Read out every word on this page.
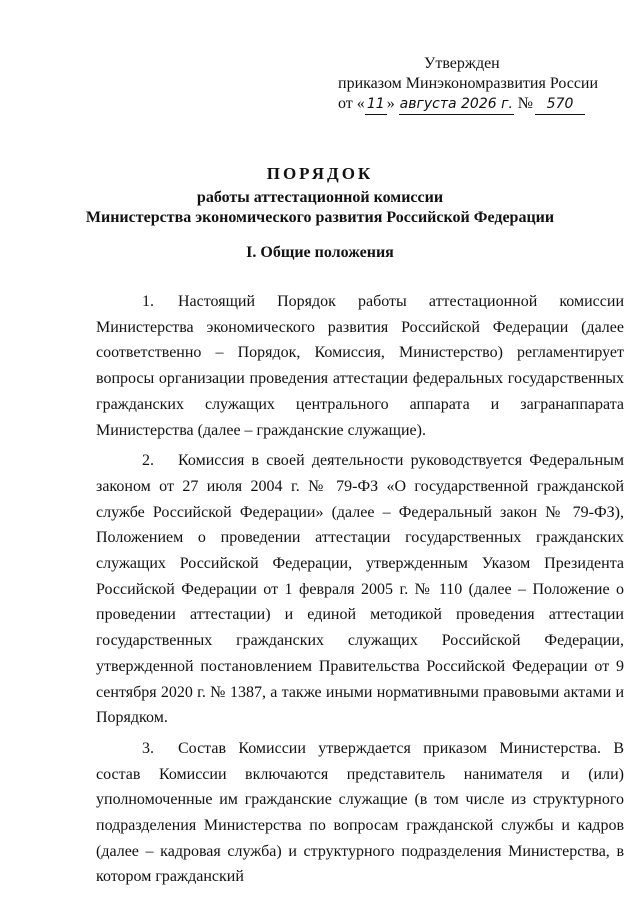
Утвержден
приказом Минэкономразвития России
от « 11 » августа 2026 г. № 570
ПОРЯДОК
работы аттестационной комиссии
Министерства экономического развития Российской Федерации
I. Общие положения

1. Настоящий Порядок работы аттестационной комиссии Министерства экономического развития Российской Федерации (далее соответственно – Порядок, Комиссия, Министерство) регламентирует вопросы организации проведения аттестации федеральных государственных гражданских служащих центрального аппарата и загранаппарата Министерства (далее – гражданские служащие).

2. Комиссия в своей деятельности руководствуется Федеральным законом от 27 июля 2004 г. № 79-ФЗ «О государственной гражданской службе Российской Федерации» (далее – Федеральный закон № 79-ФЗ), Положением о проведении аттестации государственных гражданских служащих Российской Федерации, утвержденным Указом Президента Российской Федерации от 1 февраля 2005 г. № 110 (далее – Положение о проведении аттестации) и единой методикой проведения аттестации государственных гражданских служащих Российской Федерации, утвержденной постановлением Правительства Российской Федерации от 9 сентября 2020 г. № 1387, а также иными нормативными правовыми актами и Порядком.

3. Состав Комиссии утверждается приказом Министерства. В состав Комиссии включаются представитель нанимателя и (или) уполномоченные им гражданские служащие (в том числе из структурного подразделения Министерства по вопросам гражданской службы и кадров (далее – кадровая служба) и структурного подразделения Министерства, в котором гражданский
